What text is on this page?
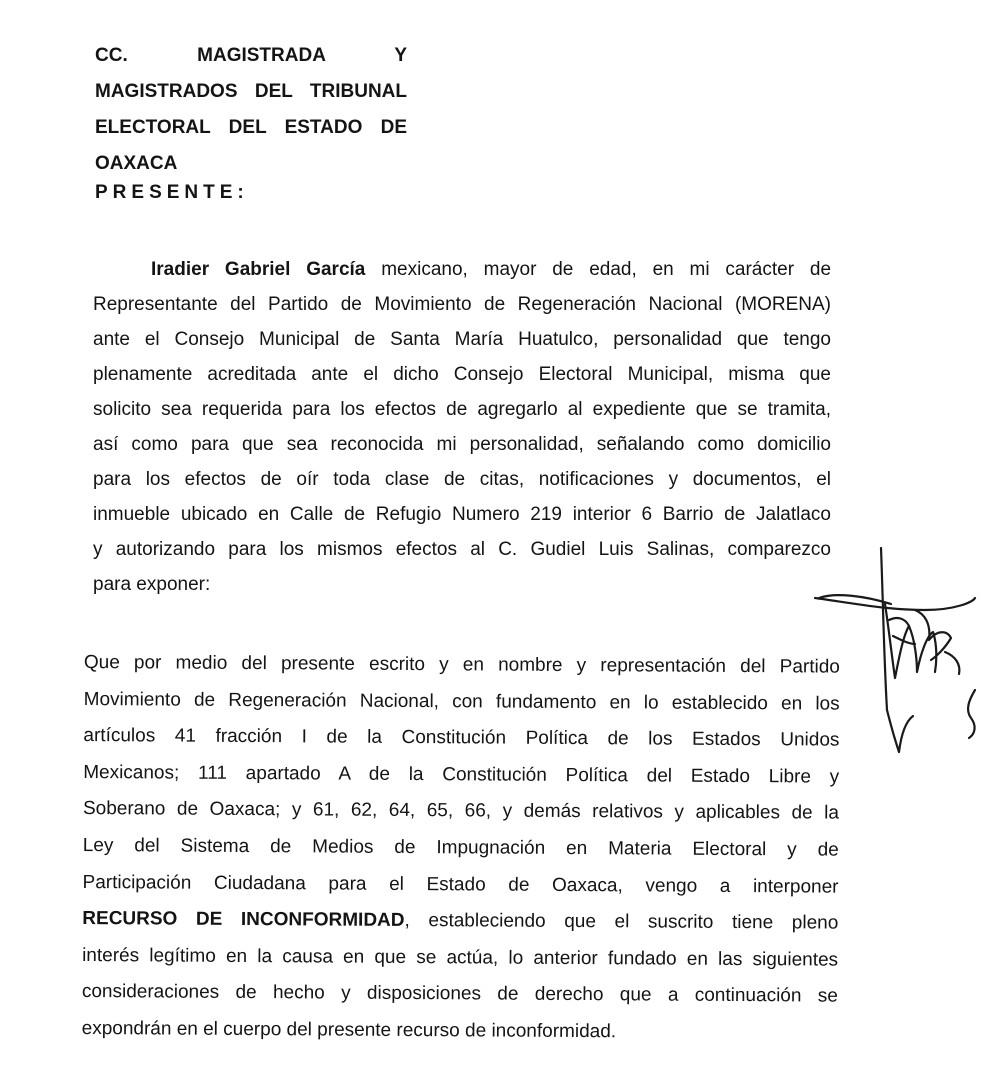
CC. MAGISTRADA Y
MAGISTRADOS DEL TRIBUNAL
ELECTORAL DEL ESTADO DE
OAXACA
PRESENTE:
Iradier Gabriel García mexicano, mayor de edad, en mi carácter de
Representante del Partido de Movimiento de Regeneración Nacional (MORENA)
ante el Consejo Municipal de Santa María Huatulco, personalidad que tengo
plenamente acreditada ante el dicho Consejo Electoral Municipal, misma que
solicito sea requerida para los efectos de agregarlo al expediente que se tramita,
así como para que sea reconocida mi personalidad, señalando como domicilio
para los efectos de oír toda clase de citas, notificaciones y documentos, el
inmueble ubicado en Calle de Refugio Numero 219 interior 6 Barrio de Jalatlaco
y autorizando para los mismos efectos al C. Gudiel Luis Salinas, comparezco
para exponer:
Que por medio del presente escrito y en nombre y representación del Partido
Movimiento de Regeneración Nacional, con fundamento en lo establecido en los
artículos 41 fracción I de la Constitución Política de los Estados Unidos
Mexicanos; 111 apartado A de la Constitución Política del Estado Libre y
Soberano de Oaxaca; y 61, 62, 64, 65, 66, y demás relativos y aplicables de la
Ley del Sistema de Medios de Impugnación en Materia Electoral y de
Participación Ciudadana para el Estado de Oaxaca, vengo a interponer
RECURSO DE INCONFORMIDAD, estableciendo que el suscrito tiene pleno
interés legítimo en la causa en que se actúa, lo anterior fundado en las siguientes
consideraciones de hecho y disposiciones de derecho que a continuación se
expondrán en el cuerpo del presente recurso de inconformidad.
